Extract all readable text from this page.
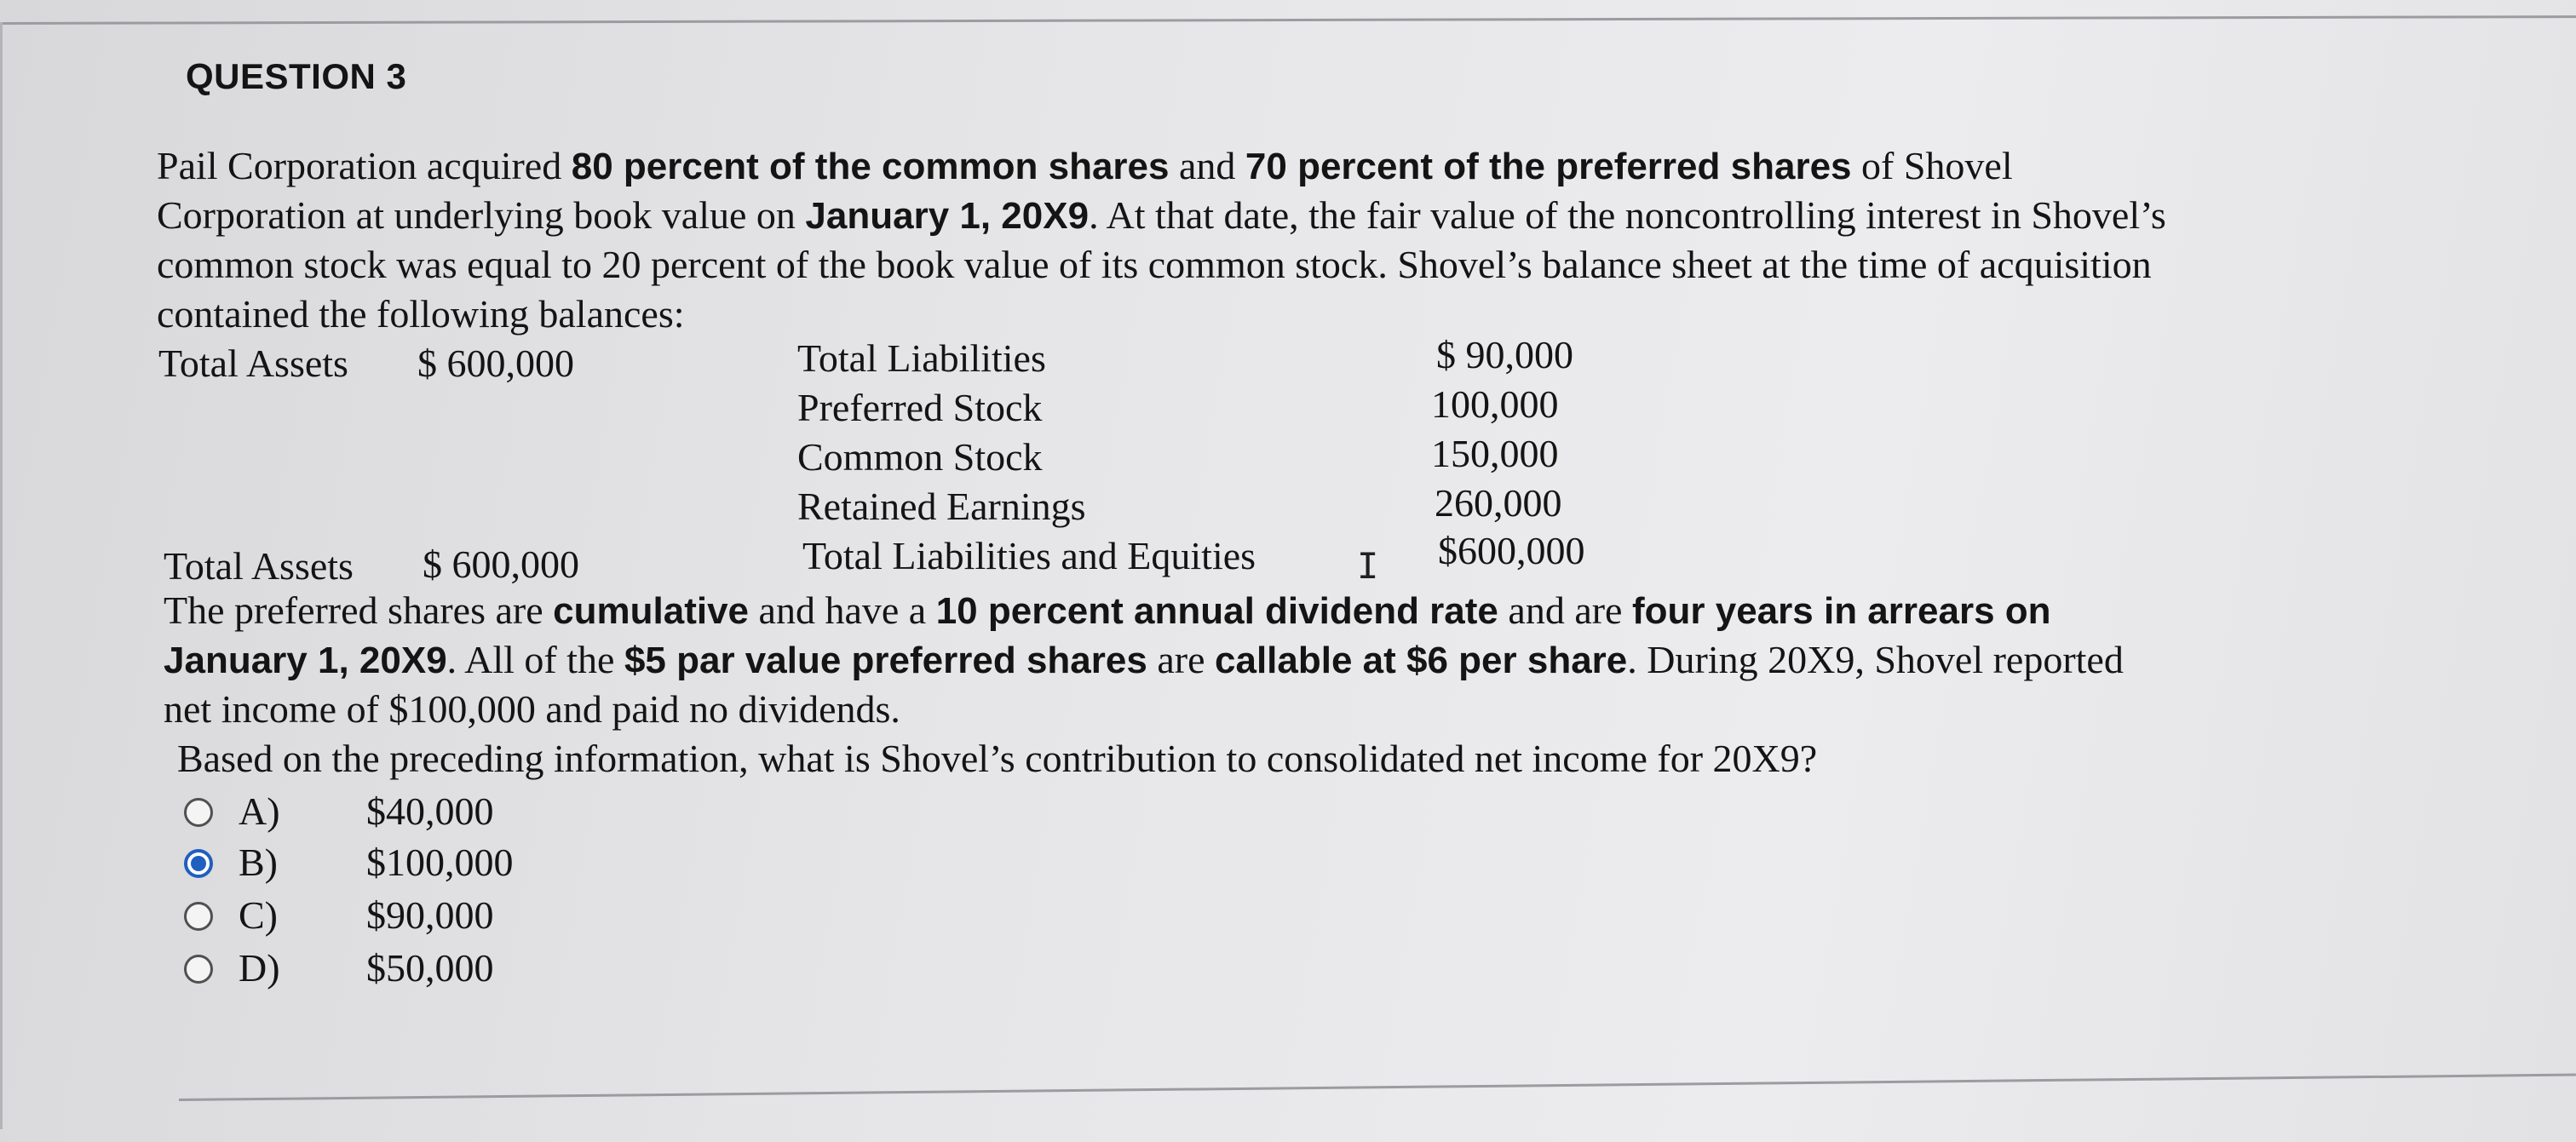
QUESTION 3
Pail Corporation acquired 80 percent of the common shares and 70 percent of the preferred shares of Shovel
Corporation at underlying book value on January 1, 20X9. At that date, the fair value of the noncontrolling interest in Shovel’s
common stock was equal to 20 percent of the book value of its common stock. Shovel’s balance sheet at the time of acquisition
contained the following balances:
Total Assets $ 600,000	Total Liabilities	$ 90,000
Preferred Stock	100,000
Common Stock	150,000
Retained Earnings	260,000
Total Assets $ 600,000	Total Liabilities and Equities	$600,000
I
The preferred shares are cumulative and have a 10 percent annual dividend rate and are four years in arrears on
January 1, 20X9. All of the $5 par value preferred shares are callable at $6 per share. During 20X9, Shovel reported
net income of $100,000 and paid no dividends.
Based on the preceding information, what is Shovel’s contribution to consolidated net income for 20X9?
A) $40,000
B) $100,000
C) $90,000
D) $50,000
